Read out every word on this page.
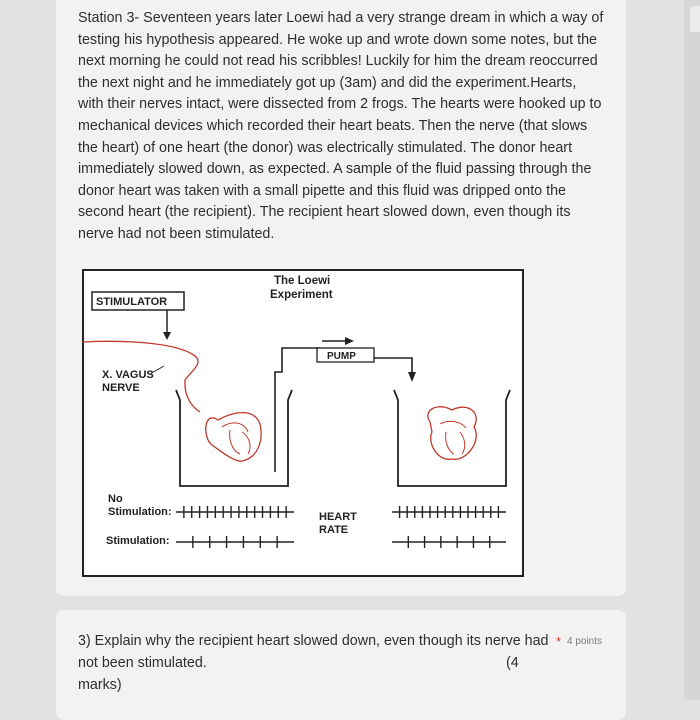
Station 3- Seventeen years later Loewi had a very strange dream in which a way of
testing his hypothesis appeared. He woke up and wrote down some notes, but the
next morning he could not read his scribbles! Luckily for him the dream reoccurred
the next night and he immediately got up (3am) and did the experiment.Hearts,
with their nerves intact, were dissected from 2 frogs. The hearts were hooked up to
mechanical devices which recorded their heart beats. Then the nerve (that slows
the heart) of one heart (the donor) was electrically stimulated. The donor heart
immediately slowed down, as expected. A sample of the fluid passing through the
donor heart was taken with a small pipette and this fluid was dripped onto the
second heart (the recipient). The recipient heart slowed down, even though its
nerve had not been stimulated.
The Loewi
Experiment
STIMULATOR
X. VAGUS
NERVE
PUMP
No
Stimulation:
Stimulation:
HEART
RATE
3) Explain why the recipient heart slowed down, even though its nerve had
not been stimulated.	(4
marks)
* 4 points
